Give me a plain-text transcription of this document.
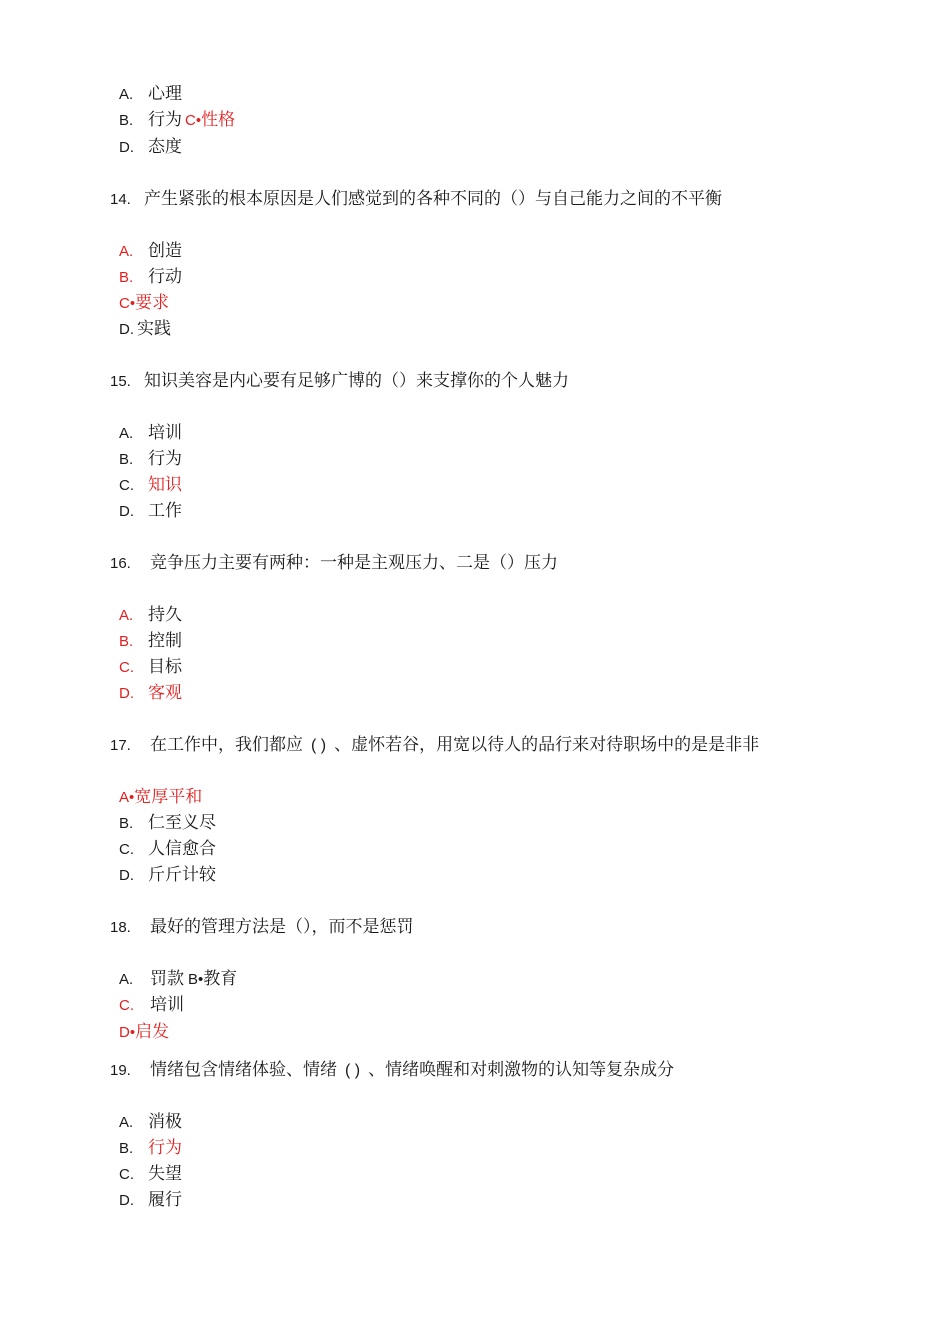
A. 心理
B. 行为 C•性格
D. 态度
14. 产生紧张的根本原因是人们感觉到的各种不同的（）与自己能力之间的不平衡
A. 创造
B. 行动
C•要求
D. 实践
15. 知识美容是内心要有足够广博的（）来支撑你的个人魅力
A. 培训
B. 行为
C. 知识
D. 工作
16. 竞争压力主要有两种：一种是主观压力、二是（）压力
A. 持久
B. 控制
C. 目标
D. 客观
17. 在工作中，我们都应 ( ) 、虚怀若谷，用宽以待人的品行来对待职场中的是是非非
A•宽厚平和
B. 仁至义尽
C. 人信愈合
D. 斤斤计较
18. 最好的管理方法是（），而不是惩罚
A. 罚款 B•教育
C. 培训
D•启发
19. 情绪包含情绪体验、情绪 ( ) 、情绪唤醒和对刺激物的认知等复杂成分
A. 消极
B. 行为
C. 失望
D. 履行
